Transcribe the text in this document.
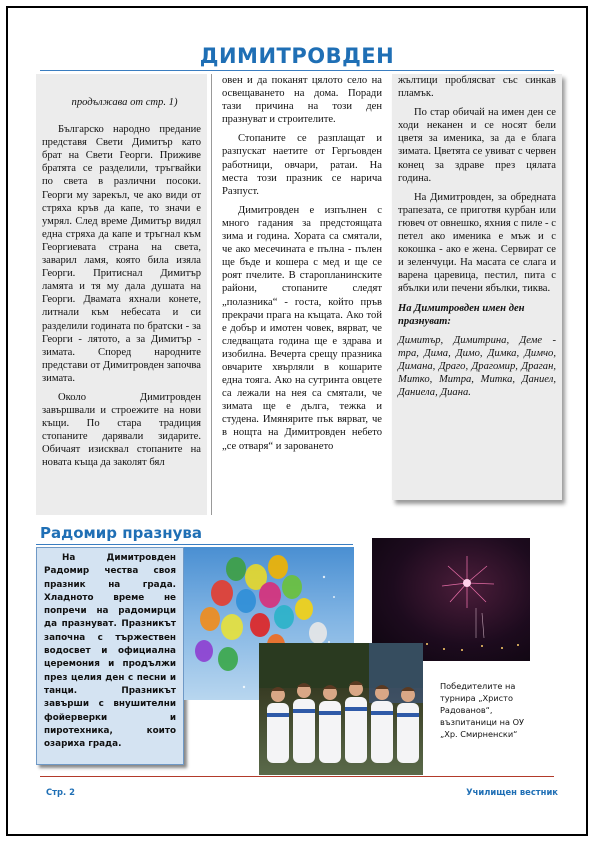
ДИМИТРОВДЕН

продължава от стр. 1)

Българско народно предание представя Свети Димитър като брат на Свети Георги. Приживе братята се разделили, тръгвайки по света в различни посоки. Георги му зарекъл, че ако види от стряха кръв да капе, то значи е умрял. След време Димитър видял една стряха да капе и тръгнал към Георгиевата страна на света, заварил ламя, която била изяла Георги. Притиснал Димитър ламята и тя му дала душата на Георги. Двамата яхнали конете, литнали към небесата и си разделили годината по братски - за Георги - лятото, а за Димитър - зимата. Според народните представи от Димитровден започва зимата.

Около Димитровден завършвали и строежите на нови къщи. По стара традиция стопаните дарявали зидарите. Обичаят изисквал стопаните на новата къща да заколят бял

овен и да поканят цялото село на освещаването на дома. Поради тази причина на този ден празнуват и строителите.

Стопаните се разплащат и разпускат наетите от Гергьовден работници, овчари, ратаи. На места този празник се нарича Разпуст.

Димитровден е изпълнен с много гадания за предстоящата зима и година. Хората са смятали, че ако месечината е пълна - пълен ще бъде и кошера с мед и ще се роят пчелите. В старопланинските райони, стопаните следят „полазника“ - госта, който пръв прекрачи прага на къщата. Ако той е добър и имотен човек, вярват, че следващата година ще е здрава и изобилна. Вечерта срещу празника овчарите хвърляли в кошарите една тояга. Ако на сутринта овцете са лежали на нея са смятали, че зимата ще е дълга, тежка и студена. Имянярите пък вярват, че в нощта на Димитровден небето „се отваря“ и зароването

жълтици проблясват със синкав пламък.

По стар обичай на имен ден се ходи неканен и се носят бели цветя за именика, за да е блага зимата. Цветята се увиват с червен конец за здраве през цялата година.

На Димитровден, за обредната трапезата, се приготвя курбан или гювеч от овнешко, яхния с пиле - с петел ако именика е мъж и с кокошка - ако е жена. Сервират се и зеленчуци. На масата се слага и варена царевица, пестил, пита с ябълки или печени ябълки, тиква.

На Димитровден имен ден празнуват:

Димитър, Димитрина, Деме - тра, Дима, Димо, Димка, Димчо, Димана, Драго, Драгомир, Драган, Митко, Митра, Митка, Даниел, Даниела, Диана.

Радомир празнува

На Димитровден Радомир чества своя празник на града. Хладното време не попречи на радомирци да празнуват. Празникът започна с тържествен водосвет и официална церемония и продължи през целия ден с песни и танци. Празникът завърши с внушителни фойерверки и пиротехника, които озариха града.

Победителите на турнира „Христо Радованов“, възпитаници на ОУ „Хр. Смирненски“
Стр. 2	Училищен вестник
